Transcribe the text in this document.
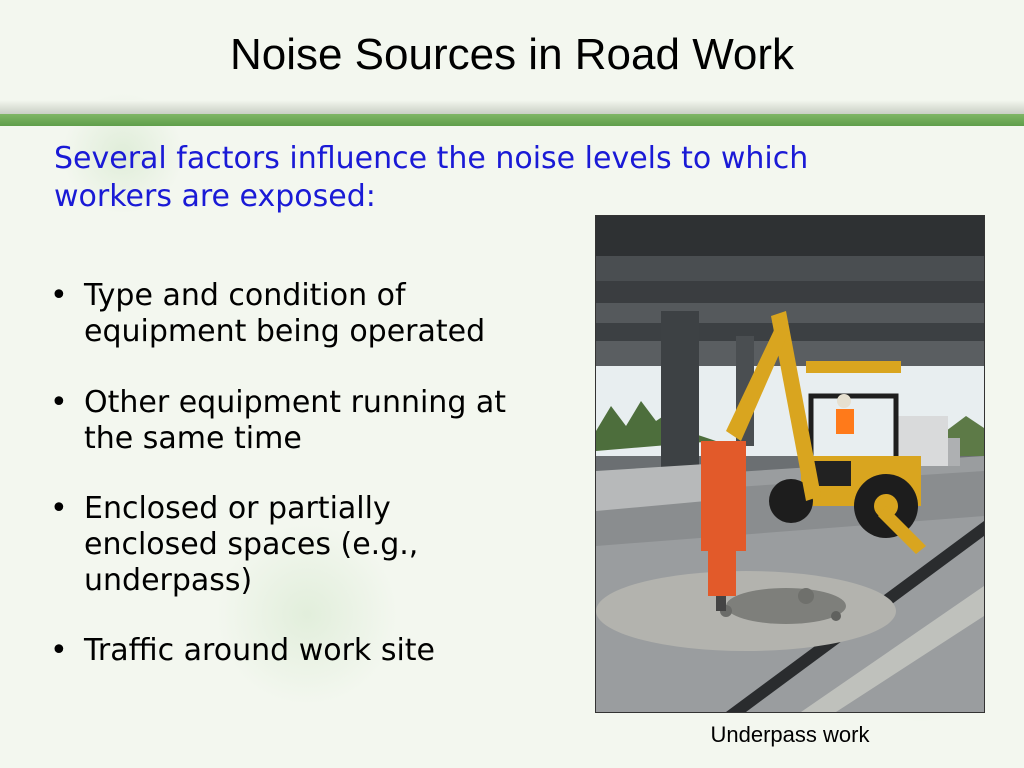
Noise Sources in Road Work
Several factors influence the noise levels to which workers are exposed:
• Type and condition of equipment being operated
• Other equipment running at the same time
• Enclosed or partially enclosed spaces (e.g., underpass)
• Traffic around work site
Underpass work
